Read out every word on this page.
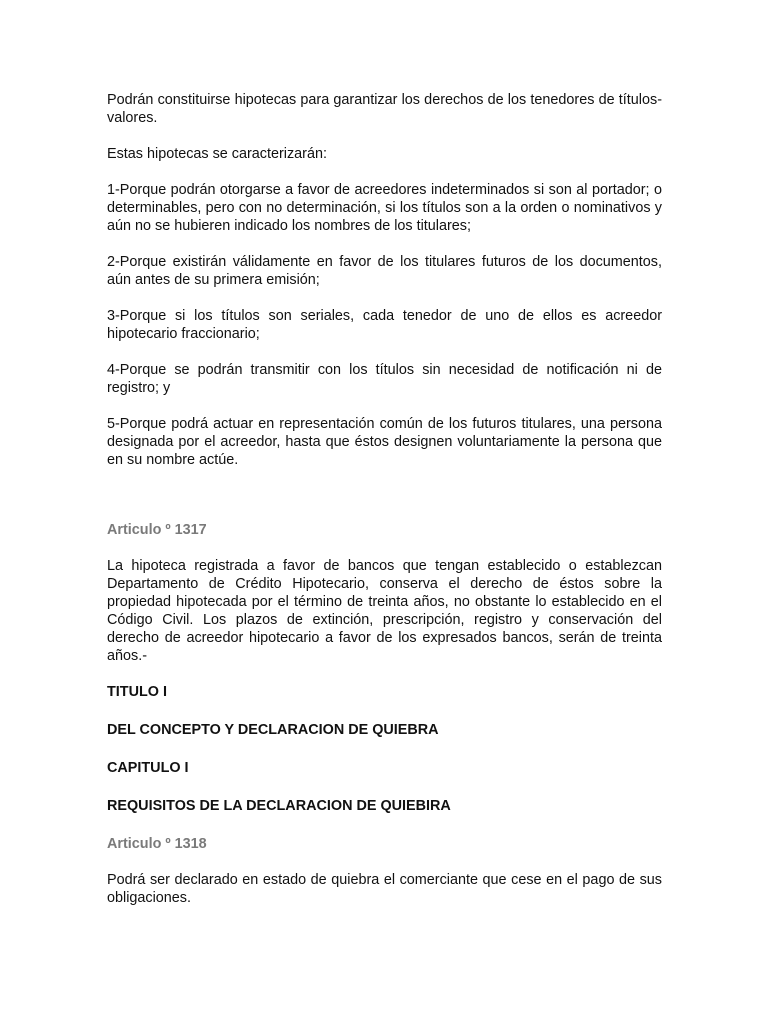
Podrán constituirse hipotecas para garantizar los derechos de los tenedores de títulos-valores.

Estas hipotecas se caracterizarán:

1-Porque podrán otorgarse a favor de acreedores indeterminados si son al portador; o determinables, pero con no determinación, si los títulos son a la orden o nominativos y aún no se hubieren indicado los nombres de los titulares;

2-Porque existirán válidamente en favor de los titulares futuros de los documentos, aún antes de su primera emisión;

3-Porque si los títulos son seriales, cada tenedor de uno de ellos es acreedor hipotecario fraccionario;

4-Porque se podrán transmitir con los títulos sin necesidad de notificación ni de registro; y

5-Porque podrá actuar en representación común de los futuros titulares, una persona designada por el acreedor, hasta que éstos designen voluntariamente la persona que en su nombre actúe.

Articulo º 1317

La hipoteca registrada a favor de bancos que tengan establecido o establezcan Departamento de Crédito Hipotecario, conserva el derecho de éstos sobre la propiedad hipotecada por el término de treinta años, no obstante lo establecido en el Código Civil. Los plazos de extinción, prescripción, registro y conservación del derecho de acreedor hipotecario a favor de los expresados bancos, serán de treinta años.-

TITULO I

DEL CONCEPTO Y DECLARACION DE QUIEBRA

CAPITULO I

REQUISITOS DE LA DECLARACION DE QUIEBIRA

Articulo º 1318

Podrá ser declarado en estado de quiebra el comerciante que cese en el pago de sus obligaciones.
